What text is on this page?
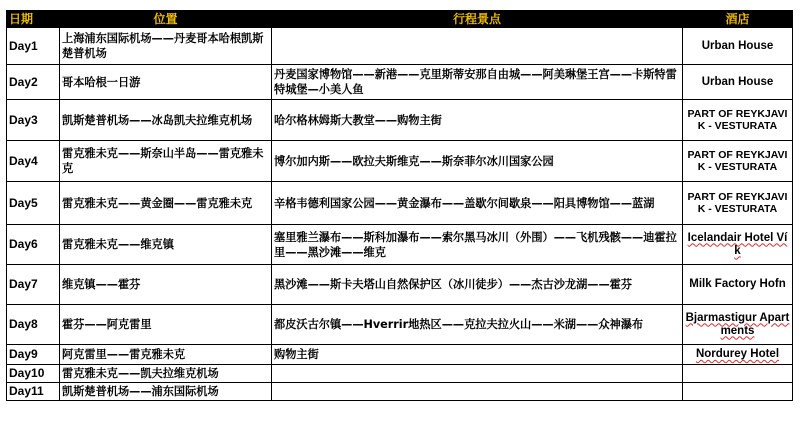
日期	位置	行程景点	酒店
Day1	上海浦东国际机场——丹麦哥本哈根凯斯楚普机场		Urban House
Day2	哥本哈根一日游	丹麦国家博物馆——新港——克里斯蒂安那自由城——阿美琳堡王宫——卡斯特雷特城堡—小美人鱼	Urban House
Day3	凯斯楚普机场——冰岛凯夫拉维克机场	哈尔格林姆斯大教堂——购物主街	PART OF REYKJAVIK - VESTURATA
Day4	雷克雅未克——斯奈山半岛——雷克雅未克	博尔加内斯——欧拉夫斯维克——斯奈菲尔冰川国家公园	PART OF REYKJAVIK - VESTURATA
Day5	雷克雅未克——黄金圈——雷克雅未克	辛格韦德利国家公园——黄金瀑布——盖歇尔间歇泉——阳具博物馆——蓝湖	PART OF REYKJAVIK - VESTURATA
Day6	雷克雅未克——维克镇	塞里雅兰瀑布——斯科加瀑布——索尔黑马冰川（外围）——飞机残骸——迪霍拉里——黑沙滩——维克	Icelandair Hotel Vík
Day7	维克镇——霍芬	黑沙滩——斯卡夫塔山自然保护区（冰川徒步）——杰古沙龙湖——霍芬	Milk Factory Hofn
Day8	霍芬——阿克雷里	都皮沃古尔镇——Hverrir地热区——克拉夫拉火山——米湖——众神瀑布	Bjarmastigur Apartments
Day9	阿克雷里——雷克雅未克	购物主街	Nordurey Hotel
Day10	雷克雅未克——凯夫拉维克机场		
Day11	凯斯楚普机场——浦东国际机场		
